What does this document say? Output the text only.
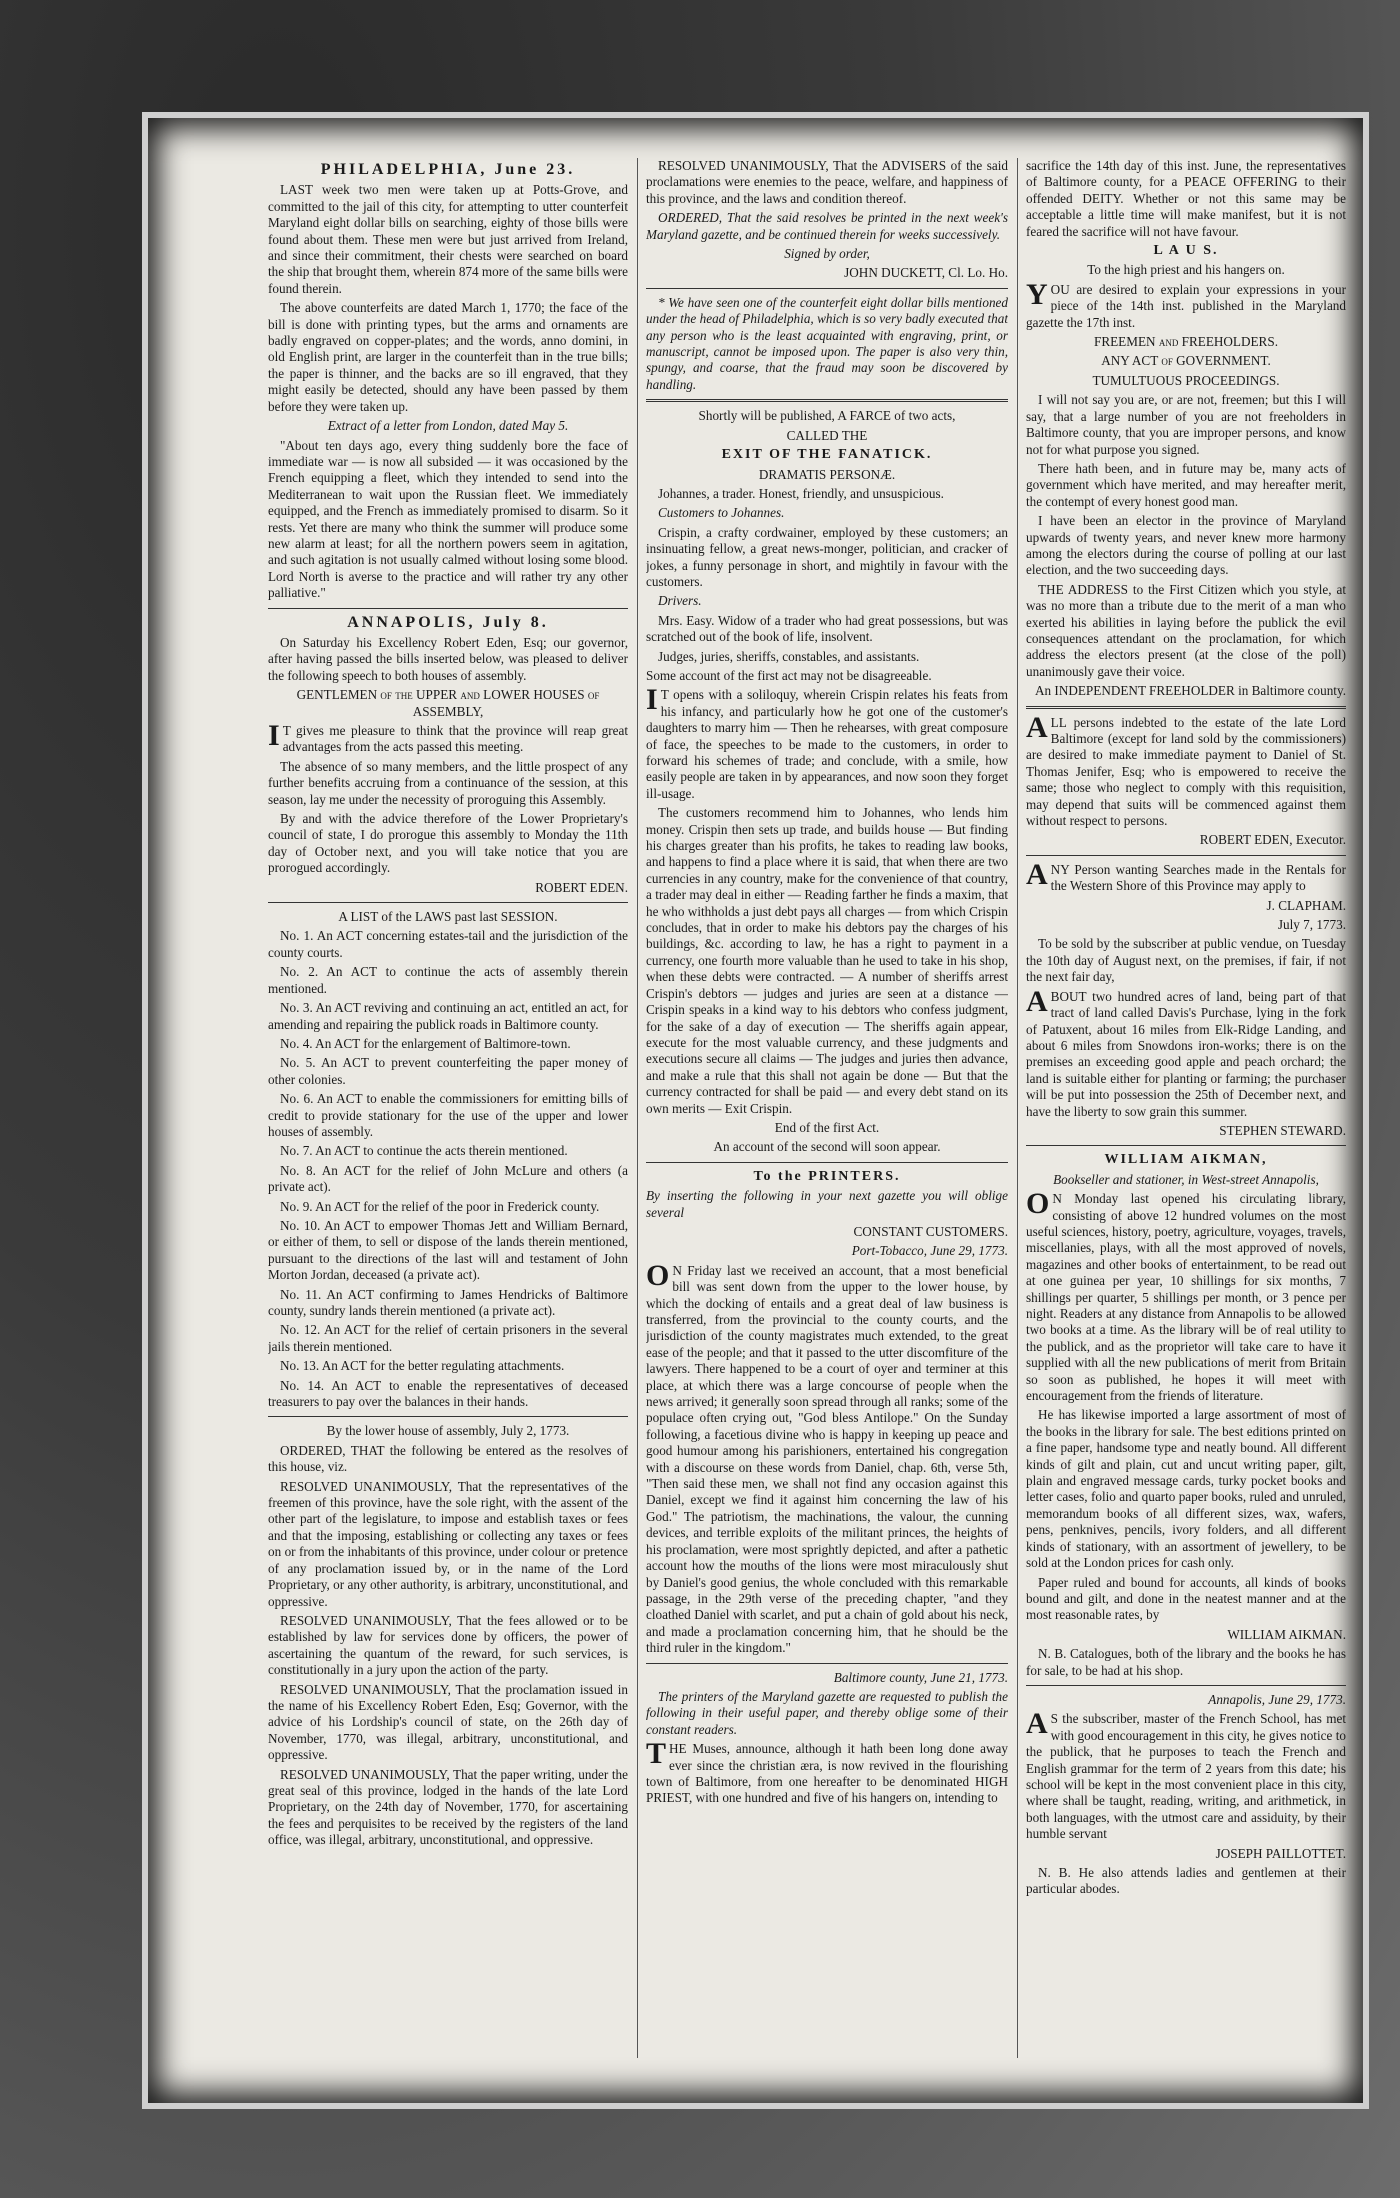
PHILADELPHIA, June 23.

LAST week two men were taken up at Potts-Grove, and committed to the jail of this city, for attempting to utter counterfeit Maryland eight dollar bills on searching, eighty of those bills were found about them. These men were but just arrived from Ireland, and since their commitment, their chests were searched on board the ship that brought them, wherein 874 more of the same bills were found therein.

The above counterfeits are dated March 1, 1770; the face of the bill is done with printing types, but the arms and ornaments are badly engraved on copper-plates; and the words, anno domini, in old English print, are larger in the counterfeit than in the true bills; the paper is thinner, and the backs are so ill engraved, that they might easily be detected, should any have been passed by them before they were taken up.

Extract of a letter from London, dated May 5.

"About ten days ago, every thing suddenly bore the face of immediate war — is now all subsided — it was occasioned by the French equipping a fleet, which they intended to send into the Mediterranean to wait upon the Russian fleet. We immediately equipped, and the French as immediately promised to disarm. So it rests. Yet there are many who think the summer will produce some new alarm at least; for all the northern powers seem in agitation, and such agitation is not usually calmed without losing some blood. Lord North is averse to the practice and will rather try any other palliative."

ANNAPOLIS, July 8.

On Saturday his Excellency Robert Eden, Esq; our governor, after having passed the bills inserted below, was pleased to deliver the following speech to both houses of assembly.

GENTLEMEN of the UPPER and LOWER HOUSES of ASSEMBLY,

IT gives me pleasure to think that the province will reap great advantages from the acts passed this meeting.

The absence of so many members, and the little prospect of any further benefits accruing from a continuance of the session, at this season, lay me under the necessity of proroguing this Assembly.

By and with the advice therefore of the Lower Proprietary's council of state, I do prorogue this assembly to Monday the 11th day of October next, and you will take notice that you are prorogued accordingly.

ROBERT EDEN.

A LIST of the LAWS past last SESSION.

No. 1. An ACT concerning estates-tail and the jurisdiction of the county courts.

No. 2. An ACT to continue the acts of assembly therein mentioned.

No. 3. An ACT reviving and continuing an act, entitled an act, for amending and repairing the publick roads in Baltimore county.

No. 4. An ACT for the enlargement of Baltimore-town.

No. 5. An ACT to prevent counterfeiting the paper money of other colonies.

No. 6. An ACT to enable the commissioners for emitting bills of credit to provide stationary for the use of the upper and lower houses of assembly.

No. 7. An ACT to continue the acts therein mentioned.

No. 8. An ACT for the relief of John McLure and others (a private act).

No. 9. An ACT for the relief of the poor in Frederick county.

No. 10. An ACT to empower Thomas Jett and William Bernard, or either of them, to sell or dispose of the lands therein mentioned, pursuant to the directions of the last will and testament of John Morton Jordan, deceased (a private act).

No. 11. An ACT confirming to James Hendricks of Baltimore county, sundry lands therein mentioned (a private act).

No. 12. An ACT for the relief of certain prisoners in the several jails therein mentioned.

No. 13. An ACT for the better regulating attachments.

No. 14. An ACT to enable the representatives of deceased treasurers to pay over the balances in their hands.

By the lower house of assembly, July 2, 1773.

ORDERED, THAT the following be entered as the resolves of this house, viz.

RESOLVED UNANIMOUSLY, That the representatives of the freemen of this province, have the sole right, with the assent of the other part of the legislature, to impose and establish taxes or fees and that the imposing, establishing or collecting any taxes or fees on or from the inhabitants of this province, under colour or pretence of any proclamation issued by, or in the name of the Lord Proprietary, or any other authority, is arbitrary, unconstitutional, and oppressive.

RESOLVED UNANIMOUSLY, That the fees allowed or to be established by law for services done by officers, the power of ascertaining the quantum of the reward, for such services, is constitutionally in a jury upon the action of the party.

RESOLVED UNANIMOUSLY, That the proclamation issued in the name of his Excellency Robert Eden, Esq; Governor, with the advice of his Lordship's council of state, on the 26th day of November, 1770, was illegal, arbitrary, unconstitutional, and oppressive.

RESOLVED UNANIMOUSLY, That the paper writing, under the great seal of this province, lodged in the hands of the late Lord Proprietary, on the 24th day of November, 1770, for ascertaining the fees and perquisites to be received by the registers of the land office, was illegal, arbitrary, unconstitutional, and oppressive.

RESOLVED UNANIMOUSLY, That the ADVISERS of the said proclamations were enemies to the peace, welfare, and happiness of this province, and the laws and condition thereof.

ORDERED, That the said resolves be printed in the next week's Maryland gazette, and be continued therein for weeks successively.

Signed by order,

JOHN DUCKETT, Cl. Lo. Ho.

* We have seen one of the counterfeit eight dollar bills mentioned under the head of Philadelphia, which is so very badly executed that any person who is the least acquainted with engraving, print, or manuscript, cannot be imposed upon. The paper is also very thin, spungy, and coarse, that the fraud may soon be discovered by handling.

Shortly will be published, A FARCE of two acts,

CALLED THE

EXIT OF THE FANATICK.

DRAMATIS PERSONÆ.

Johannes, a trader. Honest, friendly, and unsuspicious.

Customers to Johannes.

Crispin, a crafty cordwainer, employed by these customers; an insinuating fellow, a great news-monger, politician, and cracker of jokes, a funny personage in short, and mightily in favour with the customers.

Drivers.

Mrs. Easy. Widow of a trader who had great possessions, but was scratched out of the book of life, insolvent.

Judges, juries, sheriffs, constables, and assistants.

Some account of the first act may not be disagreeable.

IT opens with a soliloquy, wherein Crispin relates his feats from his infancy, and particularly how he got one of the customer's daughters to marry him — Then he rehearses, with great composure of face, the speeches to be made to the customers, in order to forward his schemes of trade; and conclude, with a smile, how easily people are taken in by appearances, and now soon they forget ill-usage.

The customers recommend him to Johannes, who lends him money. Crispin then sets up trade, and builds house — But finding his charges greater than his profits, he takes to reading law books, and happens to find a place where it is said, that when there are two currencies in any country, make for the convenience of that country, a trader may deal in either — Reading farther he finds a maxim, that he who withholds a just debt pays all charges — from which Crispin concludes, that in order to make his debtors pay the charges of his buildings, &c. according to law, he has a right to payment in a currency, one fourth more valuable than he used to take in his shop, when these debts were contracted. — A number of sheriffs arrest Crispin's debtors — judges and juries are seen at a distance — Crispin speaks in a kind way to his debtors who confess judgment, for the sake of a day of execution — The sheriffs again appear, execute for the most valuable currency, and these judgments and executions secure all claims — The judges and juries then advance, and make a rule that this shall not again be done — But that the currency contracted for shall be paid — and every debt stand on its own merits — Exit Crispin.

End of the first Act.

An account of the second will soon appear.

To the PRINTERS.

By inserting the following in your next gazette you will oblige several

CONSTANT CUSTOMERS.

Port-Tobacco, June 29, 1773.

ON Friday last we received an account, that a most beneficial bill was sent down from the upper to the lower house, by which the docking of entails and a great deal of law business is transferred, from the provincial to the county courts, and the jurisdiction of the county magistrates much extended, to the great ease of the people; and that it passed to the utter discomfiture of the lawyers. There happened to be a court of oyer and terminer at this place, at which there was a large concourse of people when the news arrived; it generally soon spread through all ranks; some of the populace often crying out, "God bless Antilope." On the Sunday following, a facetious divine who is happy in keeping up peace and good humour among his parishioners, entertained his congregation with a discourse on these words from Daniel, chap. 6th, verse 5th, "Then said these men, we shall not find any occasion against this Daniel, except we find it against him concerning the law of his God." The patriotism, the machinations, the valour, the cunning devices, and terrible exploits of the militant princes, the heights of his proclamation, were most sprightly depicted, and after a pathetic account how the mouths of the lions were most miraculously shut by Daniel's good genius, the whole concluded with this remarkable passage, in the 29th verse of the preceding chapter, "and they cloathed Daniel with scarlet, and put a chain of gold about his neck, and made a proclamation concerning him, that he should be the third ruler in the kingdom."

Baltimore county, June 21, 1773.

The printers of the Maryland gazette are requested to publish the following in their useful paper, and thereby oblige some of their constant readers.

THE Muses, announce, although it hath been long done away ever since the christian æra, is now revived in the flourishing town of Baltimore, from one hereafter to be denominated HIGH PRIEST, with one hundred and five of his hangers on, intending to

sacrifice the 14th day of this inst. June, the representatives of Baltimore county, for a PEACE OFFERING to their offended DEITY. Whether or not this same may be acceptable a little time will make manifest, but it is not feared the sacrifice will not have favour.

L A U S.

To the high priest and his hangers on.

YOU are desired to explain your expressions in your piece of the 14th inst. published in the Maryland gazette the 17th inst.

FREEMEN and FREEHOLDERS.

ANY ACT of GOVERNMENT.

TUMULTUOUS PROCEEDINGS.

I will not say you are, or are not, freemen; but this I will say, that a large number of you are not freeholders in Baltimore county, that you are improper persons, and know not for what purpose you signed.

There hath been, and in future may be, many acts of government which have merited, and may hereafter merit, the contempt of every honest good man.

I have been an elector in the province of Maryland upwards of twenty years, and never knew more harmony among the electors during the course of polling at our last election, and the two succeeding days.

THE ADDRESS to the First Citizen which you style, at was no more than a tribute due to the merit of a man who exerted his abilities in laying before the publick the evil consequences attendant on the proclamation, for which address the electors present (at the close of the poll) unanimously gave their voice.

An INDEPENDENT FREEHOLDER in Baltimore county.

ALL persons indebted to the estate of the late Lord Baltimore (except for land sold by the commissioners) are desired to make immediate payment to Daniel of St. Thomas Jenifer, Esq; who is empowered to receive the same; those who neglect to comply with this requisition, may depend that suits will be commenced against them without respect to persons.

ROBERT EDEN, Executor.

ANY Person wanting Searches made in the Rentals for the Western Shore of this Province may apply to

J. CLAPHAM.

July 7, 1773.

To be sold by the subscriber at public vendue, on Tuesday the 10th day of August next, on the premises, if fair, if not the next fair day,

ABOUT two hundred acres of land, being part of that tract of land called Davis's Purchase, lying in the fork of Patuxent, about 16 miles from Elk-Ridge Landing, and about 6 miles from Snowdons iron-works; there is on the premises an exceeding good apple and peach orchard; the land is suitable either for planting or farming; the purchaser will be put into possession the 25th of December next, and have the liberty to sow grain this summer.

STEPHEN STEWARD.

WILLIAM AIKMAN,

Bookseller and stationer, in West-street Annapolis,

ON Monday last opened his circulating library, consisting of above 12 hundred volumes on the most useful sciences, history, poetry, agriculture, voyages, travels, miscellanies, plays, with all the most approved of novels, magazines and other books of entertainment, to be read out at one guinea per year, 10 shillings for six months, 7 shillings per quarter, 5 shillings per month, or 3 pence per night. Readers at any distance from Annapolis to be allowed two books at a time. As the library will be of real utility to the publick, and as the proprietor will take care to have it supplied with all the new publications of merit from Britain so soon as published, he hopes it will meet with encouragement from the friends of literature.

He has likewise imported a large assortment of most of the books in the library for sale. The best editions printed on a fine paper, handsome type and neatly bound. All different kinds of gilt and plain, cut and uncut writing paper, gilt, plain and engraved message cards, turky pocket books and letter cases, folio and quarto paper books, ruled and unruled, memorandum books of all different sizes, wax, wafers, pens, penknives, pencils, ivory folders, and all different kinds of stationary, with an assortment of jewellery, to be sold at the London prices for cash only.

Paper ruled and bound for accounts, all kinds of books bound and gilt, and done in the neatest manner and at the most reasonable rates, by

WILLIAM AIKMAN.

N. B. Catalogues, both of the library and the books he has for sale, to be had at his shop.

Annapolis, June 29, 1773.

AS the subscriber, master of the French School, has met with good encouragement in this city, he gives notice to the publick, that he purposes to teach the French and English grammar for the term of 2 years from this date; his school will be kept in the most convenient place in this city, where shall be taught, reading, writing, and arithmetick, in both languages, with the utmost care and assiduity, by their humble servant

JOSEPH PAILLOTTET.

N. B. He also attends ladies and gentlemen at their particular abodes.
